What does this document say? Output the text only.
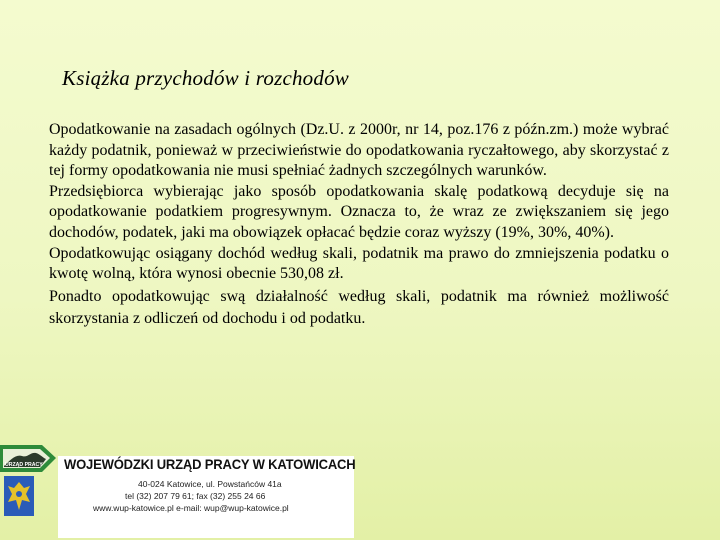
Książka przychodów i rozchodów

Opodatkowanie na zasadach ogólnych (Dz.U. z 2000r, nr 14, poz.176 z późn.zm.) może wybrać każdy podatnik, ponieważ w przeciwieństwie do opodatkowania ryczałtowego, aby skorzystać z tej formy opodatkowania nie musi spełniać żadnych szczególnych warunków.

Przedsiębiorca wybierając jako sposób opodatkowania skalę podatkową decyduje się na opodatkowanie podatkiem progresywnym. Oznacza to, że wraz ze zwiększaniem się jego dochodów, podatek, jaki ma obowiązek opłacać będzie coraz wyższy (19%, 30%, 40%).

Opodatkowując osiągany dochód według skali, podatnik ma prawo do zmniejszenia podatku o kwotę wolną, która wynosi obecnie 530,08 zł.

Ponadto opodatkowując swą działalność według skali, podatnik ma również możliwość skorzystania z odliczeń od dochodu i od podatku.

URZĄD PRACY WOJEWÓDZKI URZĄD PRACY W KATOWICACH
40-024 Katowice, ul. Powstańców 41a
tel (32) 207 79 61; fax (32) 255 24 66
www.wup-katowice.pl e-mail: wup@wup-katowice.pl
